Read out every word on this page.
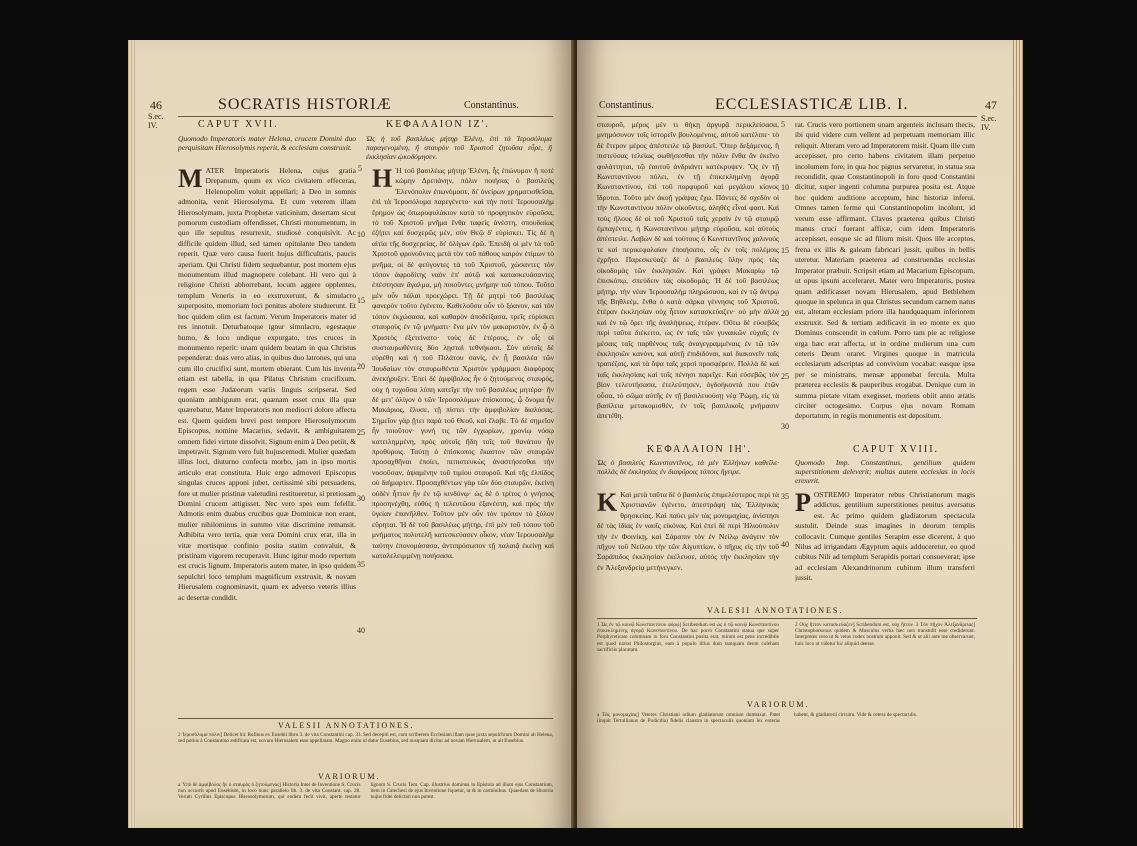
46
S.ec. IV.
SOCRATIS HISTORIÆ	Constantinus.
CAPUT XVII.	ΚΕΦΑΛΑΙΟΝ ΙΖ'.
Quomodo Imperatoris mater Helena, crucem Domini duo perquisitam Hierosolymis reperit, & ecclesiam construxit.
Ὡς ἡ τοῦ βασιλέως μήτηρ Ἑλένη, ἐπὶ τὰ Ἱεροσόλυμα παραγενομένη, ἢ σταυρὸν τοῦ Χριστοῦ ζητοῦσα εὗρε, ἢ ἐκκλησίαν ᾠκοδόμησεν.
M ATER Imperatoris Helena, cujus gratia Drepanum, quum ex vico civitatem effeceras, Helenopolim voluit appellari; à Deo in somnis admonita, venit Hierosolyma. Et cum veterem illam Hierosolymam, juxta Prophetæ vaticinium, desertam sicut pomorum custodiam offendisset, Christi monumentum, in quo ille sepultus resurrexit, studiosè conquisivit. Ac difficile quidem illud, sed tamen opitulante Deo tandem reperit. Quæ vero causa fuerit hujus difficultatis, paucis aperiam. Qui Christi fidem sequebantur, post mortem ejus monumentum illud magnopere colebant. Hi vero qui à religione Christi abhorrebant, locum aggere opplentes, templum Veneris in eo exstruxerunt, & simulacro superposito, memoriam loci penitus abolere studuerunt. Et hoc quidem olim est factum. Verum Imperatoris mater id res innotuit. Deturbatoque ignur simulacro, egestaque humo, & loco undique expurgato, tres cruces in monumento reperit: unam quidem beatam in qua Christus pependerat: duas vero alias, in quibus duo latrones, qui una cum illo crucifixi sunt, mortem obierant. Cum his inventa etiam est tabella, in qua Pilatus Christum crucifixum, regem esse Judæorum variis linguis scripserat. Sed quoniam ambiguum erat, quænam esset crux illa quæ quærebatur, Mater Imperatoris non mediocri dolore affecta est. Quem quidem brevi post tempore Hierosolymorum Episcopus, nomine Macarius, sedavit, & ambiguitatem omnem fidei virtute dissolvit. Signum enim à Deo petiit, & impetravit. Signum vero fuit hujuscemodi. Mulier quædam illius loci, diuturno confecta morbo, jam in ipso mortis articulo erat constituta. Huic ergo admoveri Episcopus singulas cruces apponi jubet, certissimè sibi persuadens, fore ut mulier pristinæ valetudini restitueretur, si pretiosam Domini crucem attigisset. Nec vero spes eum fefellit. Admotis enim duabus crucibus quæ Dominicæ non erant, mulier nihilominus in summo vitæ discrimine remansit. Adhibita vero tertia, quæ vera Domini crux erat, illa in vitæ mortisque confinio posita statim convaluit, & pristinam vigorem recuperavit. Hunc igitur modo repertum est crucis lignum. Imperatoris autem mater, in ipso quidem sepulchri loco templum magnificum exstruxit, & novam Hierusalem cognominavit, quam ex adverso veteris illius ac desertæ condidit.
Η Ἡ τοῦ βασιλέως μήτηρ Ἑλένη, ἧς ἐπώνυμον ἢ ποτὲ κώμην Δρεπάνην, πόλιν ποιήσας ὁ βασιλεὺς Ἑλενόπολιν ἐπωνόμασε, δι' ὀνείρων χρηματισθεῖσα, ἐπὶ τὰ Ἱεροσόλυμα παρεγένετο· καὶ τὴν ποτὲ Ἱερουσαλὴμ ἔρημον ὡς ὀπωροφυλάκιον κατὰ τὸ προφητικὸν εὑροῦσα, τὸ τοῦ Χριστοῦ μνῆμα ἔνθα ταφεὶς ἀνέστη, σπουδαίως ἐζήτει καὶ δυσχερῶς μὲν, σὺν Θεῷ δ' εὑρίσκει. Τίς δὲ ἡ αἰτία τῆς δυσχερείας, δι' ὀλίγων ἐρῶ. Ἐπειδὴ οἱ μὲν τὰ τοῦ Χριστοῦ φρονοῦντες μετὰ τὸν τοῦ πάθους καιρὸν ἐτίμων τὸ μνῆμα, οἱ δὲ φεύγοντες τὰ τοῦ Χριστοῦ, χώσαντες τὸν τόπον ἀφροδίτης ναὸν ἐπ' αὐτῷ καὶ κατασκευάσαντες ἐπέστησαν ἄγαλμα, μὴ ποιοῦντες μνήμην τοῦ τόπου. Τοῦτο μὲν οὖν πάλαι προεχώρει. Τῇ δὲ μητρὶ τοῦ βασιλέως φανερὸν τοῦτο ἐγένετο. Καθελοῦσα οὖν τὸ ξόανον, καὶ τὸν τόπον ἐκχώσασα, καὶ καθαρὸν ἀποδείξασα, τρεῖς εὑρίσκει σταυροὺς ἐν τῷ μνήματι· ἕνα μὲν τὸν μακαριστὸν, ἐν ᾧ ὁ Χριστὸς ἐξετείνατο· τοὺς δὲ ἑτέρους, ἐν οἷς οἱ συσταυρωθέντες δύο λῃσταὶ τεθνήκασι. Σὺν αὐτοῖς δὲ εὑρέθη καὶ ἡ τοῦ Πιλάτου σανὶς, ἐν ᾗ βασιλέα τῶν Ἰουδαίων τὸν σταυρωθέντα Χριστὸν γράμμασι διαφόροις ἀνεκήρυξεν. Ἐπεὶ δὲ ἀμφίβολος ἦν ὁ ζητούμενος σταυρὸς, οὐχ ἡ τυχοῦσα λύπη κατεῖχε τὴν τοῦ βασιλέως μητέρα· ἣν δὲ μετ' ὀλίγον ὁ τῶν Ἱεροσολύμων ἐπίσκοπος, ᾧ ὄνομα ἦν Μακάριος, ἔλυσε, τῇ πίστει τὴν ἀμφιβολίαν διαλύσας. Σημεῖον γὰρ ᾔτει παρὰ τοῦ Θεοῦ, καὶ ἔλαβε. Τὸ δὲ σημεῖον ἦν τοιοῦτον· γυνή τις τῶν ἐγχωρίων, χρονίῳ νόσῳ κατειλημμένη, πρὸς αὐτοῖς ἤδη τοῖς τοῦ θανάτου ἦν προθύροις. Ταύτῃ ὁ ἐπίσκοπος ἕκαστον τῶν σταυρῶν προσαχθῆναι ἐποίει, πεπιστευκὼς ἀναστήσεσθαι τὴν νοσοῦσαν, ἁψαμένην τοῦ τιμίου σταυροῦ. Καὶ τῆς ἐλπίδος οὐ διήμαρτεν. Προσαχθέντων γὰρ τῶν δύο σταυρῶν, ἐκείνη οὐδὲν ἧττον ἦν ἐν τῷ κινδύνῳ· ὡς δὲ ὁ τρίτος ὁ γνήσιος προσηνέχθη, εὐθὺς ἡ τελευτῶσα ἐξανέστη, καὶ πρὸς τὴν ὑγείαν ἐπανῆλθεν. Τοῦτον μὲν οὖν τὸν τρόπον τὸ ξύλον εὕρηται. Ἡ δὲ τοῦ βασιλέως μήτηρ, ἐπὶ μὲν τοῦ τόπου τοῦ μνήματος πολυτελῆ κατεσκεύασεν οἶκον, νέαν Ἱερουσαλὴμ ταύτην ἐπονομάσασα, ἀντιπρόσωπον τῇ παλαιᾷ ἐκείνῃ καὶ καταλελειμμένῃ ποιήσασα.
5
10
15
20
25
30
35
40
VALESII ANNOTATIONES.
2 Ἱεροσόλυμα πόλιν] Delicet hic Rufinus ex Eusebii libro 3. de vita Constantini cap. 33. Sed decepiti est, cum scriberem Ecclesiam illam quae juxta sepulchrum Domini ab Helena, sed potius à Constantino ædificata est, novum Hierusalem esse appellatam. Magno enim id datur Eusebius, sed nusquam dicitur ad novam Hierusalem, ut ait Eusebius.
VARIORUM.
a Ὑπὸ δὲ ἀμφίβολος ἦν ὁ σταυρὸς ὁ ζητούμενος] Historia Inter de Inventione S. Crucis non occurrit apud Eusebium, in loco hunc parallelo lib. 3. de vita Constant. cap. 28. Verum Cyrillus Episcopus Hierosolymorum, qui eodem fecit vivit, aperte testatur lignum S. Crucis Tem. Cap. illustrius dominus in Epistola ad illum ejus Constantium, item in Catechesi de ejus Inventione liquetur, ut & in carminibus. Quaedam de Historia hujus fidei delictari non potest.
Constantinus.	ECCLESIASTICÆ LIB. I.	47
S.ec. IV.
σταυροῦ, μέρος μὲν τι θήκῃ ἀργυρᾷ περικλείσασα, μνημόσυνον τοῖς ἱστορεῖν βουλομένοις, αὐτοῦ κατέλιπε· τὸ δὲ ἕτερον μέρος ἀπέστειλε τῷ βασιλεῖ. Ὅπερ δεξάμενος, ἢ πιστεύσας τελείως σωθήσεσθαι τὴν πόλιν ἔνθα ἂν ἐκεῖνο φυλάττηται, τῷ ἑαυτοῦ ἀνδριάντι κατέκρυψεν. Ὃς ἐν τῇ Κωνσταντίνου πόλει, ἐν τῇ ἐπικεκλημένῃ ἀγορᾷ Κωνσταντίνου, ἐπὶ τοῦ πορφυροῦ καὶ μεγάλου κίονος ἵδρυται. Τοῦτο μὲν ἀκοῇ γράψας ἔχω. Πάντες δὲ σχεδὸν οἱ τὴν Κωνσταντίνου πόλιν οἰκοῦντες, ἀληθὲς εἶναί φασι. Καὶ τοὺς ἥλους δὲ οἱ τοῦ Χριστοῦ ταῖς χερσὶν ἐν τῷ σταυρῷ ἐμπαγέντες, ἡ Κωνσταντίνου μήτηρ εὑροῦσα, καὶ αὐτοὺς ἀπέστειλε. Λαβὼν δὲ καὶ τούτους ὁ Κωνσταντῖνος χαλινούς τε καὶ περικεφαλαίαν ἐποιήσατο, οἷς ἐν τοῖς πολέμοις ἐχρῆτο. Παρεσκεύαζε δὲ ὁ βασιλεὺς ὕλην πρὸς τὰς οἰκοδομὰς τῶν ἐκκλησιῶν. Καὶ γράφει Μακαρίῳ τῷ ἐπισκόπῳ, σπεύδειν τὰς οἰκοδομάς. Ἡ δὲ τοῦ βασιλέως μήτηρ, τὴν νέαν Ἱερουσαλὴμ πληρώσασα, καὶ ἐν τῷ ἄντρῳ τῆς Βηθλεὲμ, ἔνθα ὁ κατὰ σάρκα γέννησις τοῦ Χριστοῦ, ἑτέραν ἐκκλησίαν οὐχ ἧττον κατασκεύαζεν· οὐ μὴν ἀλλὰ καὶ ἐν τῷ ὄρει τῆς ἀναλήψεως, ἑτέραν. Οὕτω δὲ εὐσεβῶς περὶ ταῦτα διέκειτο, ὡς ἐν ταῖς τῶν γυναικῶν εὐχαῖς ἐν μέσαις ταῖς παρθένοις ταῖς ἀναγεγραμμέναις ἐν τῷ τῶν ἐκκλησιῶν κανόνι, καὶ αὐτῇ ἐπιδιδόναι, καὶ διακονεῖν ταῖς τραπέζαις, καὶ τὰ ὄψα ταῖς χερσὶ προσφέρειν. Πολλὰ δὲ καὶ ταῖς ἐκκλησίαις καὶ τοῖς πένησι παρεῖχε. Καὶ εὐσεβῶς τὸν βίον τελευτήσασα, ἐτελεύτησεν, ὀγδοήκοντά που ἐτῶν οὖσα, τὸ σῶμα αὐτῆς ἐν τῇ βασιλευούσῃ νέᾳ Ῥώμῃ, εἰς τὰ βασίλεια μετακομισθέν, ἐν τοῖς βασιλικοῖς μνήμασιν ἀπετέθη.
rat. Crucis vero portionem unam argenteis inclusam thecis, ibi quid videre cum vellent ad perpetuam memoriam illic reliquit. Alteram vero ad Imperatorem misit. Quam ille cum accepisset, pro certo habens civitatem illam perpetuo incolumem fore, in qua hoc pignus servaretur, in statua sua recondidit, quae Constantinopoli in foro quod Constantini dicitur, super ingenti columna purpurea posita est. Atque hoc quidem auditione acceptum, hinc historiæ inferui. Omnes tamen ferme qui Constantinopolim incolunt, id verum esse affirmant. Clavos praeterea quibus Christi manus cruci fuerant affixæ, cum idem Imperatoris accepisset, eosque sic ad filium misit. Quos ille acceptos, frena ex illis & galeam fabricari jussit, quibus in bellis uteretur. Materiam praeterea ad construendas ecclesias Imperator præbuit. Scripsit etiam ad Macarium Episcopum, ut opus ipsum acceleraret. Mater vero Imperatoris, postea quam ædificasset novam Hierusalem, apud Bethlehem quoque in spelunca in qua Christus secundum carnem natus est, alteram ecclesiam priore illa haudquaquam inferiorem exstruxit. Sed & tertiam ædificavit in eo monte ex quo Dominus conscendit in cœlum. Porro tam pie ac religiose erga hæc erat affecta, ut in ordine mulierum una cum ceteris Deum oraret. Virgines quoque in matricula ecclesiarum adscriptas ad convivium vocabat: easque ipsa per se ministrans, mensæ apponebat fercula. Multa præterea ecclesiis & pauperibus erogabat. Denique cum in summa pietate vitam exegisset, moriens obiit anno ætatis circiter octogesimo. Corpus ejus novam Romam deportatum, in regiis monumentis est depositum.
5
10
15
20
25
30
ΚΕΦΑΛΑΙΟΝ ΙΗ'.	CAPUT XVIII.
Ὡς ὁ βασιλεὺς Κωνσταντῖνος, τὰ μὲν Ἑλλήνων καθεῖλε· πολλὰς δὲ ἐκκλησίας ἐν διαφόροις τόποις ἤγειρε.
Quomodo Imp. Constantinus, gentilium quidem superstitionem deleverit; multas autem ecclesias in locis erexerit.
Κ Καὶ μετὰ ταῦτα δὲ ὁ βασιλεὺς ἐπιμελέστερος περὶ τὰ Χριστιανῶν ἐγένετο, ἀπεστράφη τὰς Ἑλληνικὰς θρησκείας. Καὶ παύει μὲν τὰς μονομαχίας, ἀνίστησι δὲ τὰς ἰδίας ἐν ναοῖς εἰκόνας. Καὶ ἐπεὶ δὲ περὶ Ἡλιούπολιν τὴν ἐν Φοινίκῃ, καὶ Σάραπιν τὸν ἐν Νείλῳ ἀνάγειν τὸν πῆχυν τοῦ Νείλου τὴν τῶν Αἰγυπτίων, ὁ πῆχυς εἰς τὴν τοῦ Σαράπιδος ἐκκλησίαν ἐκέλευσε, αὐτὸς τὴν ἐκκλησίαν τὴν ἐν Ἀλεξανδρείᾳ μετήνεγκεν.
P OSTREMO Imperator rebus Christianorum magis addictus, gentilium superstitiones penitus aversatus est. Ac primo quidem gladiatorum spectacula sustulit. Deinde suas imagines in deorum templis collocavit. Cumque gentiles Serapim esse dicerent, à quo Nilus ad irrigandam Ægyptum aquis adduceretur, eo quod cubitus Nili ad templum Serapidis portari consueverat; ipse ad ecclesiam Alexandrinorum cubitum illum transferri jussit.
35
40
VALESII ANNOTATIONES.
1 Ὡς ἐν τῷ κοινῷ Κωνσταντίνου φόρῳ] Scribendum est ὡς ὁ τῷ κοινῷ Κωνσταντίνου ἐπικεκλημένης ἀγορᾷ Κωνσταντίνου. De hac porro Constantini statua que super Porphyreticam columnam in foro Constantini posita erat, mirum est pene incredibile est quod narrat Philostorgius, eam à populo illius dum tamquam deum colebant sacrificiis placatam.
2 Οὐχ ἧττον κατασκεύαζεν] Scribendum est, οὐχ ἧττον. 3 Τὸν πῆχυν Ἀλεξανδρείας] Christophorsonus quidem & Musculus verba hæc non transtulit esse crediderunt. Interpretes vero ut & vetus codex nostrum apponit. Sed & ut alii ante me observarunt, huic loco ut videtur hic aliquid deesse.
VARIORUM.
a Τὰς μονομαχίας] Veteres Christiani odium gladiatorum omnium dumtaxat. Patet (inquit Tertullianus de Pudicitia) fidelis claustra in spectaculis quoniam lex exteras habent, & gladiatorii circuitu. Vide & cetera de spectaculis.
